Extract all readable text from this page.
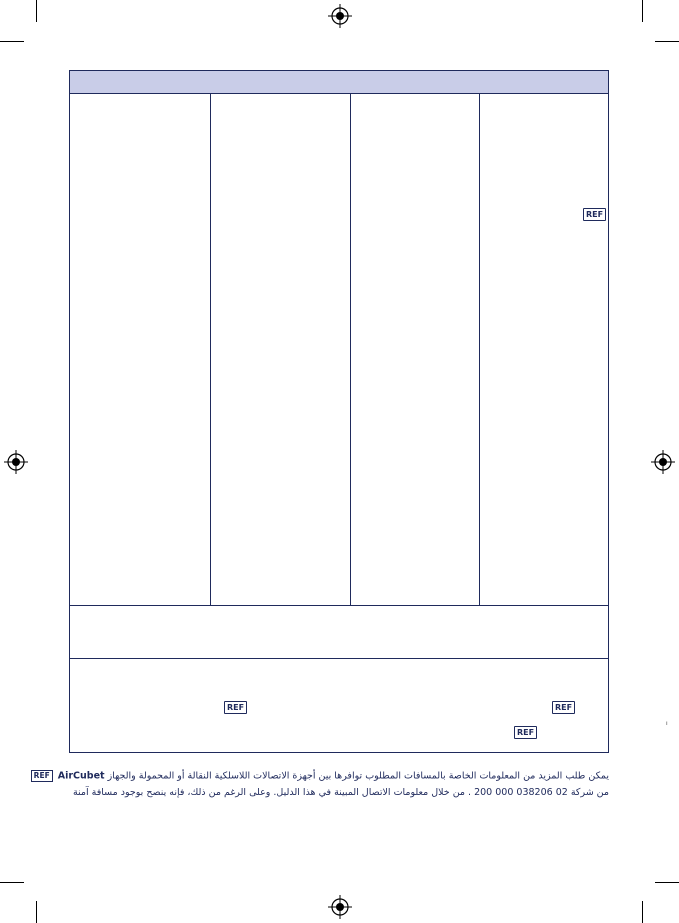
REF
REF	REF
REF
يمكن طلب المزيد من المعلومات الخاصة بالمسافات المطلوب توافرها بين أجهزة الاتصالات اللاسلكية النقالة أو المحمولة والجهاز AirCubet REF
من شركة 02 038206 000 200 . من خلال معلومات الاتصال المبينة في هذا الدليل. وعلى الرغم من ذلك، فإنه ينصح بوجود مسافة آمنة
ı
